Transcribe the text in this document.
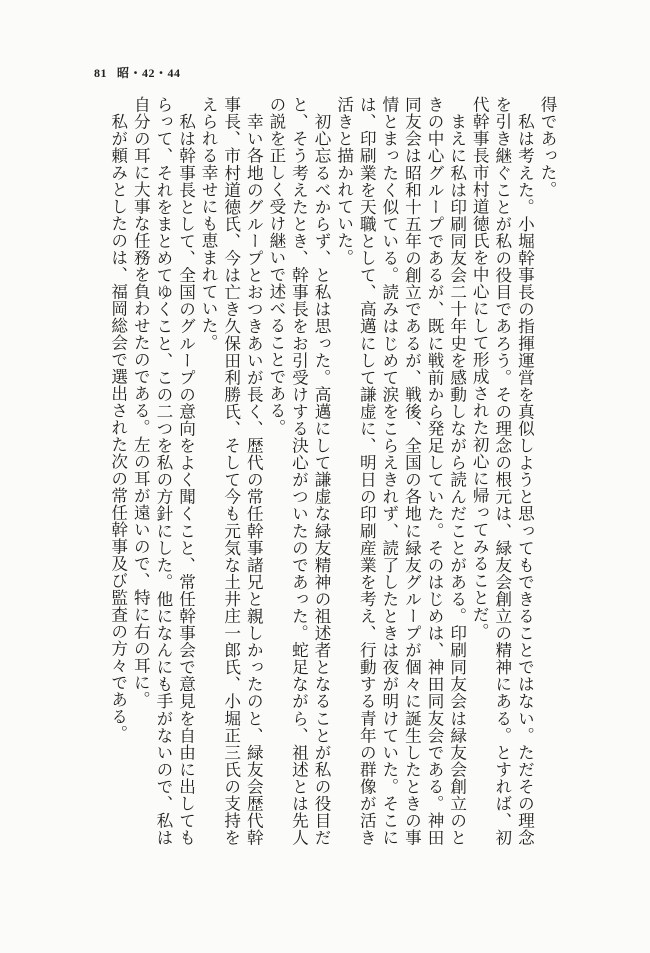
81 昭・42・44

得であった。

　私は考えた。小堀幹事長の指揮運営を真似しようと思ってもできることではない。ただその理念を引き継ぐことが私の役目であろう。その理念の根元は、緑友会創立の精神にある。とすれば、初代幹事長市村道徳氏を中心にして形成された初心に帰ってみることだ。

　まえに私は印刷同友会二十年史を感動しながら読んだことがある。印刷同友会は緑友会創立のときの中心グループであるが、既に戦前から発足していた。そのはじめは、神田同友会である。神田同友会は昭和十五年の創立であるが、戦後、全国の各地に緑友グループが個々に誕生したときの事情とまったく似ている。読みはじめて涙をこらえきれず、読了したときは夜が明けていた。そこには、印刷業を天職として、高邁にして謙虚に、明日の印刷産業を考え、行動する青年の群像が活き活きと描かれていた。

　初心忘るべからず、と私は思った。高邁にして謙虚な緑友精神の祖述者となることが私の役目だと、そう考えたとき、幹事長をお引受けする決心がついたのであった。蛇足ながら、祖述とは先人の説を正しく受け継いで述べることである。

　幸い各地のグループとおつきあいが長く、歴代の常任幹事諸兄と親しかったのと、緑友会歴代幹事長、市村道徳氏、今は亡き久保田利勝氏、そして今も元気な土井庄一郎氏、小堀正三氏の支持をえられる幸せにも恵まれていた。

　私は幹事長として、全国のグループの意向をよく聞くこと、常任幹事会で意見を自由に出してもらって、それをまとめてゆくこと、この二つを私の方針にした。他になんにも手がないので、私は自分の耳に大事な任務を負わせたのである。左の耳が遠いので、特に右の耳に。

　私が頼みとしたのは、福岡総会で選出された次の常任幹事及び監査の方々である。
